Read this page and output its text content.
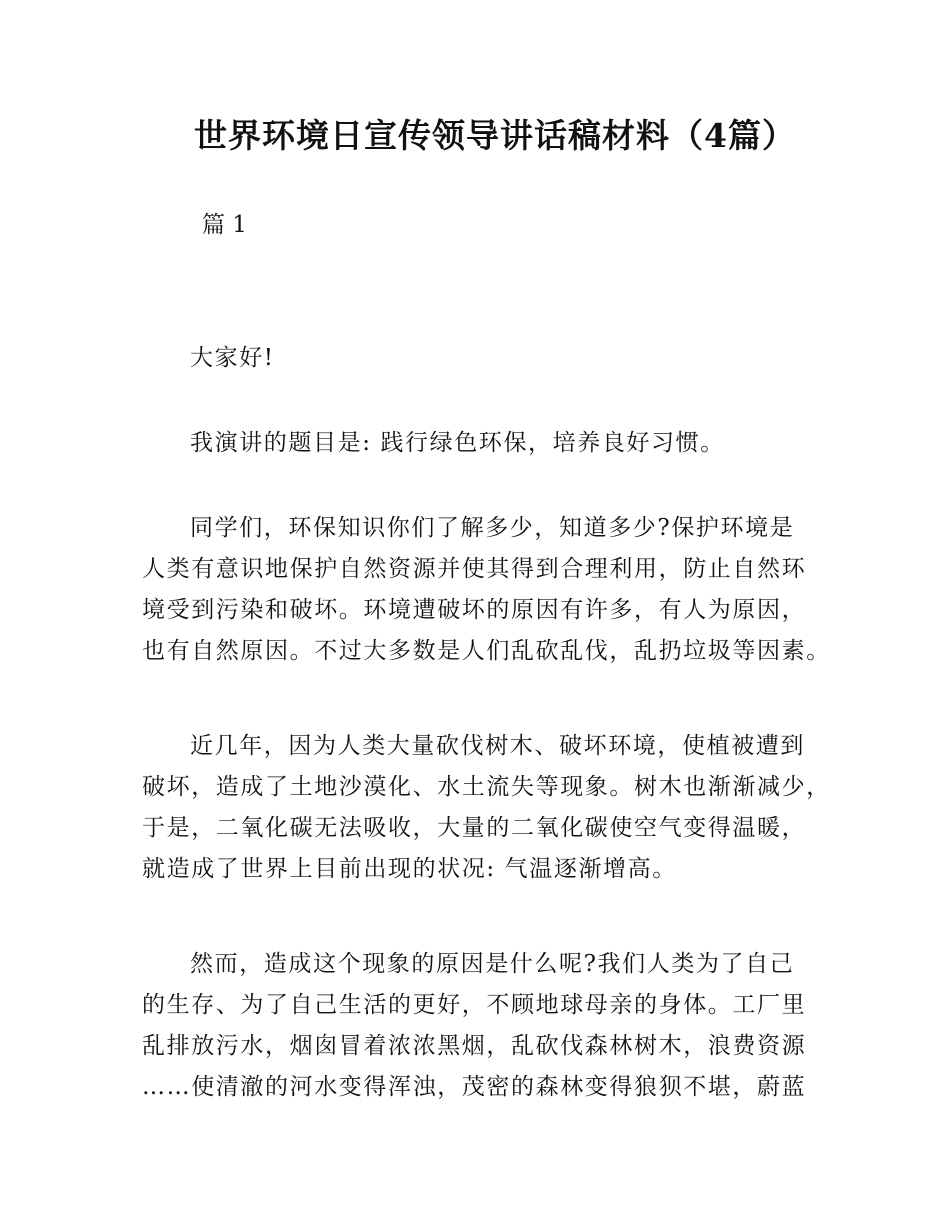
世界环境日宣传领导讲话稿材料（4篇）

篇 1

大家好!

我演讲的题目是: 践行绿色环保，培养良好习惯。

同学们，环保知识你们了解多少，知道多少?保护环境是
人类有意识地保护自然资源并使其得到合理利用，防止自然环
境受到污染和破坏。环境遭破坏的原因有许多，有人为原因，
也有自然原因。不过大多数是人们乱砍乱伐，乱扔垃圾等因素。

近几年，因为人类大量砍伐树木、破坏环境，使植被遭到
破坏，造成了土地沙漠化、水土流失等现象。树木也渐渐减少，
于是，二氧化碳无法吸收，大量的二氧化碳使空气变得温暖，
就造成了世界上目前出现的状况: 气温逐渐增高。

然而，造成这个现象的原因是什么呢?我们人类为了自己
的生存、为了自己生活的更好，不顾地球母亲的身体。工厂里
乱排放污水，烟囱冒着浓浓黑烟，乱砍伐森林树木，浪费资源
……使清澈的河水变得浑浊，茂密的森林变得狼狈不堪，蔚蓝
